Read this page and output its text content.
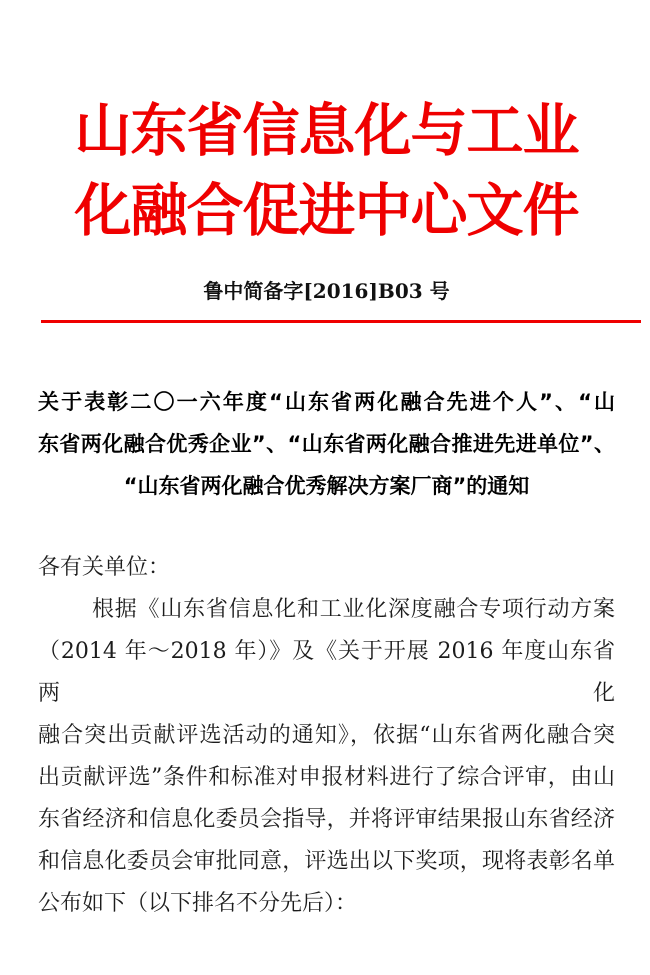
山东省信息化与工业
化融合促进中心文件
鲁中简备字[2016]B03 号
关于表彰二〇一六年度“山东省两化融合先进个人”、“山
东省两化融合优秀企业”、“山东省两化融合推进先进单位”、
“山东省两化融合优秀解决方案厂商”的通知
各有关单位：
根据《山东省信息化和工业化深度融合专项行动方案
（2014 年～2018 年）》及《关于开展 2016 年度山东省两化
融合突出贡献评选活动的通知》，依据“山东省两化融合突
出贡献评选”条件和标准对申报材料进行了综合评审，由山
东省经济和信息化委员会指导，并将评审结果报山东省经济
和信息化委员会审批同意，评选出以下奖项，现将表彰名单
公布如下（以下排名不分先后）：
